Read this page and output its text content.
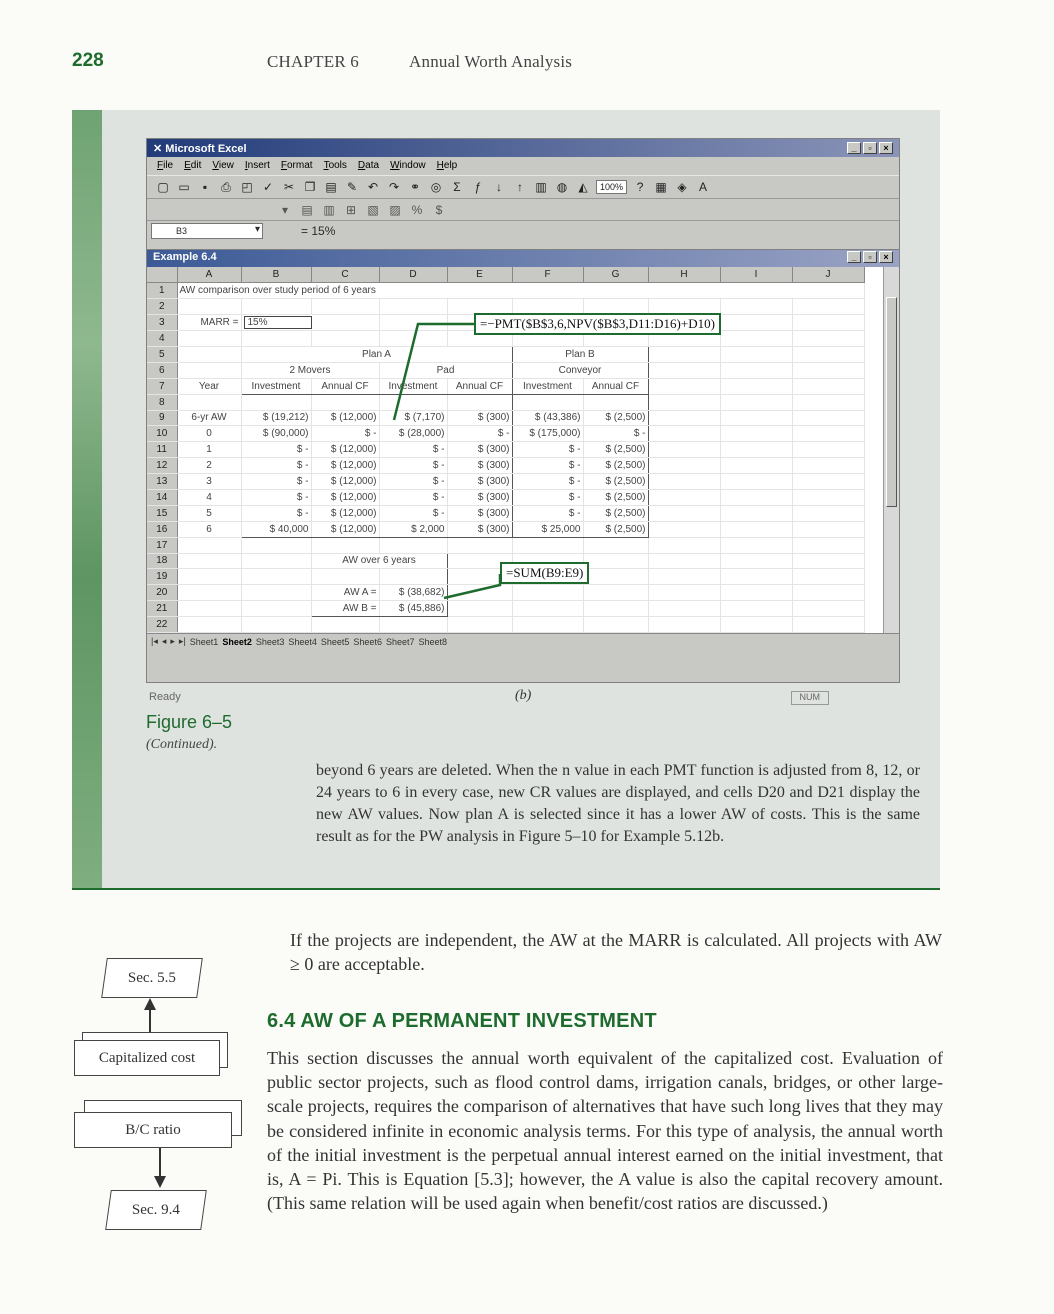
228	CHAPTER 6	Annual Worth Analysis
✕ Microsoft Excel	_	▫	×
File Edit View Insert Format Tools Data Window Help
▢ ▭	▪	⎙ ◰ ✓ ✂ ❐ ▤ ✎ ↶ ↷ ⚭ ◎	Σ	ƒ	↓	↑	▥ ◍ ◭	100%	? ▦ ◈	A
▾	▤ ▥ ⊞ ▧ ▨ %	$
B3 ▾	= 15%
Example 6.4	_	▫	×
	A	B	C	D	E	F	G	H	I	J
1	AW comparison over study period of 6 years									
2										
3	MARR =	15%								
4										
5		Plan A				Plan B				
6		2 Movers		Pad		Conveyor				
7	Year	Investment	Annual CF	Investment	Annual CF	Investment	Annual CF			
8										
9	6-yr AW	$ (19,212)	$ (12,000)	$ (7,170)	$ (300)	$ (43,386)	$ (2,500)			
10	0	$ (90,000)	$ -	$ (28,000)	$ -	$ (175,000)	$ -			
11	1	$ -	$ (12,000)	$ -	$ (300)	$ -	$ (2,500)			
12	2	$ -	$ (12,000)	$ -	$ (300)	$ -	$ (2,500)			
13	3	$ -	$ (12,000)	$ -	$ (300)	$ -	$ (2,500)			
14	4	$ -	$ (12,000)	$ -	$ (300)	$ -	$ (2,500)			
15	5	$ -	$ (12,000)	$ -	$ (300)	$ -	$ (2,500)			
16	6	$ 40,000	$ (12,000)	$ 2,000	$ (300)	$ 25,000	$ (2,500)			
17										
18			AW over 6 years							
19										
20			AW A =	$ (38,682)						
21			AW B =	$ (45,886)						
22										
|◂ ◂ ▸ ▸| Sheet1 Sheet2 Sheet3 Sheet4 Sheet5 Sheet6 Sheet7 Sheet8
Ready	NUM
=−PMT($B$3,6,NPV($B$3,D11:D16)+D10)
=SUM(B9:E9)
(b)
Figure 6–5
(Continued).
beyond 6 years are deleted. When the n value in each PMT function is adjusted from 8, 12, or 24 years to 6 in every case, new CR values are displayed, and cells D20 and D21 display the new AW values. Now plan A is selected since it has a lower AW of costs. This is the same result as for the PW analysis in Figure 5–10 for Example 5.12b.
If the projects are independent, the AW at the MARR is calculated. All projects with AW ≥ 0 are acceptable.
6.4 AW OF A PERMANENT INVESTMENT
This section discusses the annual worth equivalent of the capitalized cost. Evaluation of public sector projects, such as flood control dams, irrigation canals, bridges, or other large-scale projects, requires the comparison of alternatives that have such long lives that they may be considered infinite in economic analysis terms. For this type of analysis, the annual worth of the initial investment is the perpetual annual interest earned on the initial investment, that is, A = Pi. This is Equation [5.3]; however, the A value is also the capital recovery amount. (This same relation will be used again when benefit/cost ratios are discussed.)
Sec. 5.5
Capitalized cost
B/C ratio
Sec. 9.4
